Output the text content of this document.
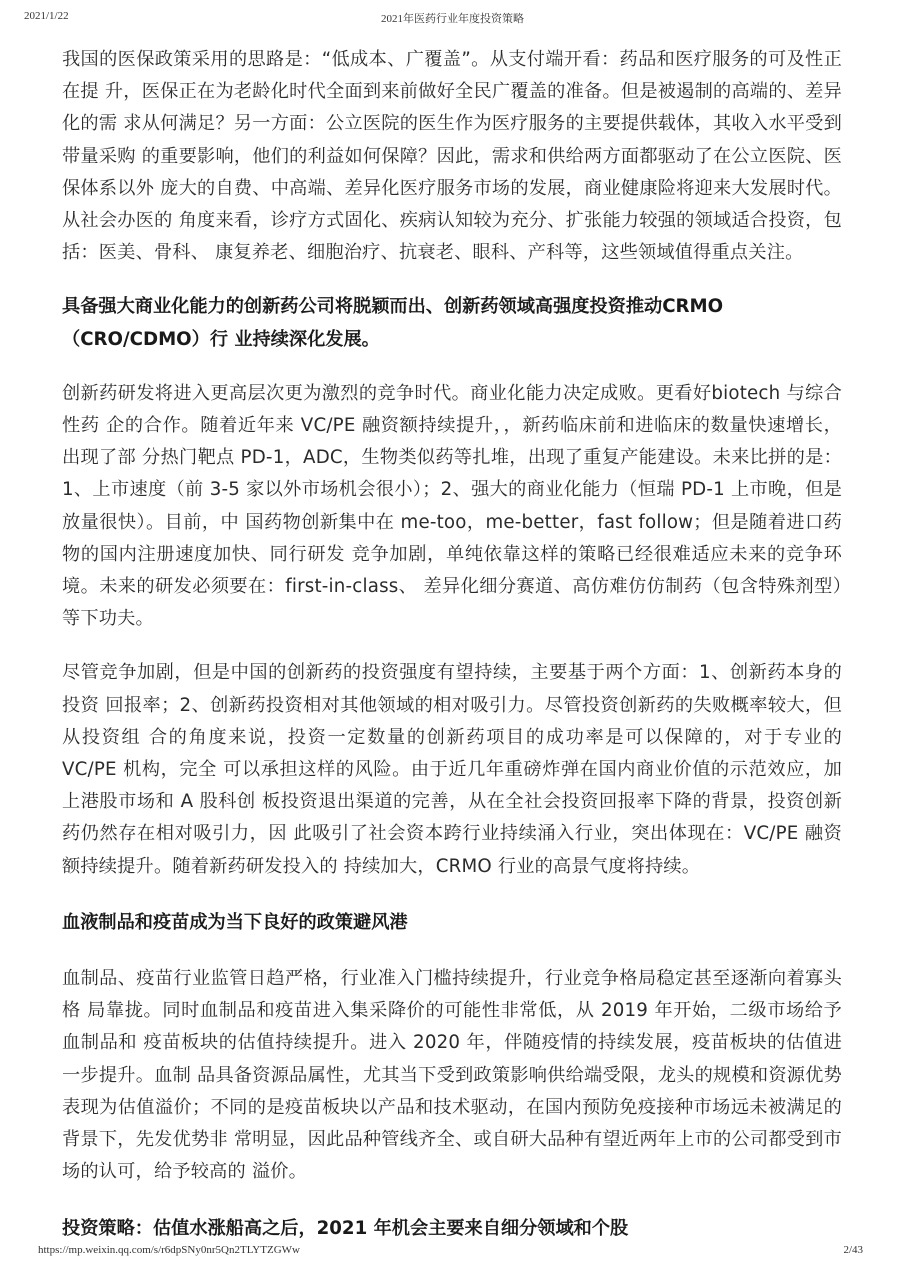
2021/1/22	2021年医药行业年度投资策略

我国的医保政策采用的思路是：“低成本、广覆盖”。从支付端开看：药品和医疗服务的可及性正在提 升，医保正在为老龄化时代全面到来前做好全民广覆盖的准备。但是被遏制的高端的、差异化的需 求从何满足？另一方面：公立医院的医生作为医疗服务的主要提供载体，其收入水平受到带量采购 的重要影响，他们的利益如何保障？因此，需求和供给两方面都驱动了在公立医院、医保体系以外 庞大的自费、中高端、差异化医疗服务市场的发展，商业健康险将迎来大发展时代。从社会办医的 角度来看，诊疗方式固化、疾病认知较为充分、扩张能力较强的领域适合投资，包括：医美、骨科、 康复养老、细胞治疗、抗衰老、眼科、产科等，这些领域值得重点关注。

具备强大商业化能力的创新药公司将脱颖而出、创新药领域高强度投资推动CRMO（CRO/CDMO）行 业持续深化发展。

创新药研发将进入更高层次更为激烈的竞争时代。商业化能力决定成败。更看好biotech 与综合性药 企的合作。随着近年来 VC/PE 融资额持续提升，，新药临床前和进临床的数量快速增长，出现了部 分热门靶点 PD-1，ADC，生物类似药等扎堆，出现了重复产能建设。未来比拼的是：1、上市速度（前 3-5 家以外市场机会很小）；2、强大的商业化能力（恒瑞 PD-1 上市晚，但是放量很快）。目前，中 国药物创新集中在 me-too，me-better，fast follow；但是随着进口药物的国内注册速度加快、同行研发 竞争加剧，单纯依靠这样的策略已经很难适应未来的竞争环境。未来的研发必须要在：first-in-class、 差异化细分赛道、高仿难仿仿制药（包含特殊剂型）等下功夫。

尽管竞争加剧，但是中国的创新药的投资强度有望持续，主要基于两个方面：1、创新药本身的投资 回报率；2、创新药投资相对其他领域的相对吸引力。尽管投资创新药的失败概率较大，但从投资组 合的角度来说，投资一定数量的创新药项目的成功率是可以保障的，对于专业的 VC/PE 机构，完全 可以承担这样的风险。由于近几年重磅炸弹在国内商业价值的示范效应，加上港股市场和 A 股科创 板投资退出渠道的完善，从在全社会投资回报率下降的背景，投资创新药仍然存在相对吸引力，因 此吸引了社会资本跨行业持续涌入行业，突出体现在：VC/PE 融资额持续提升。随着新药研发投入的 持续加大，CRMO 行业的高景气度将持续。

血液制品和疫苗成为当下良好的政策避风港

血制品、疫苗行业监管日趋严格，行业准入门槛持续提升，行业竞争格局稳定甚至逐渐向着寡头格 局靠拢。同时血制品和疫苗进入集采降价的可能性非常低，从 2019 年开始，二级市场给予血制品和 疫苗板块的估值持续提升。进入 2020 年，伴随疫情的持续发展，疫苗板块的估值进一步提升。血制 品具备资源品属性，尤其当下受到政策影响供给端受限，龙头的规模和资源优势表现为估值溢价；不同的是疫苗板块以产品和技术驱动，在国内预防免疫接种市场远未被满足的背景下，先发优势非 常明显，因此品种管线齐全、或自研大品种有望近两年上市的公司都受到市场的认可，给予较高的 溢价。

投资策略：估值水涨船高之后，2021 年机会主要来自细分领域和个股

https://mp.weixin.qq.com/s/r6dpSNy0nr5Qn2TLYTZGWw	2/43
